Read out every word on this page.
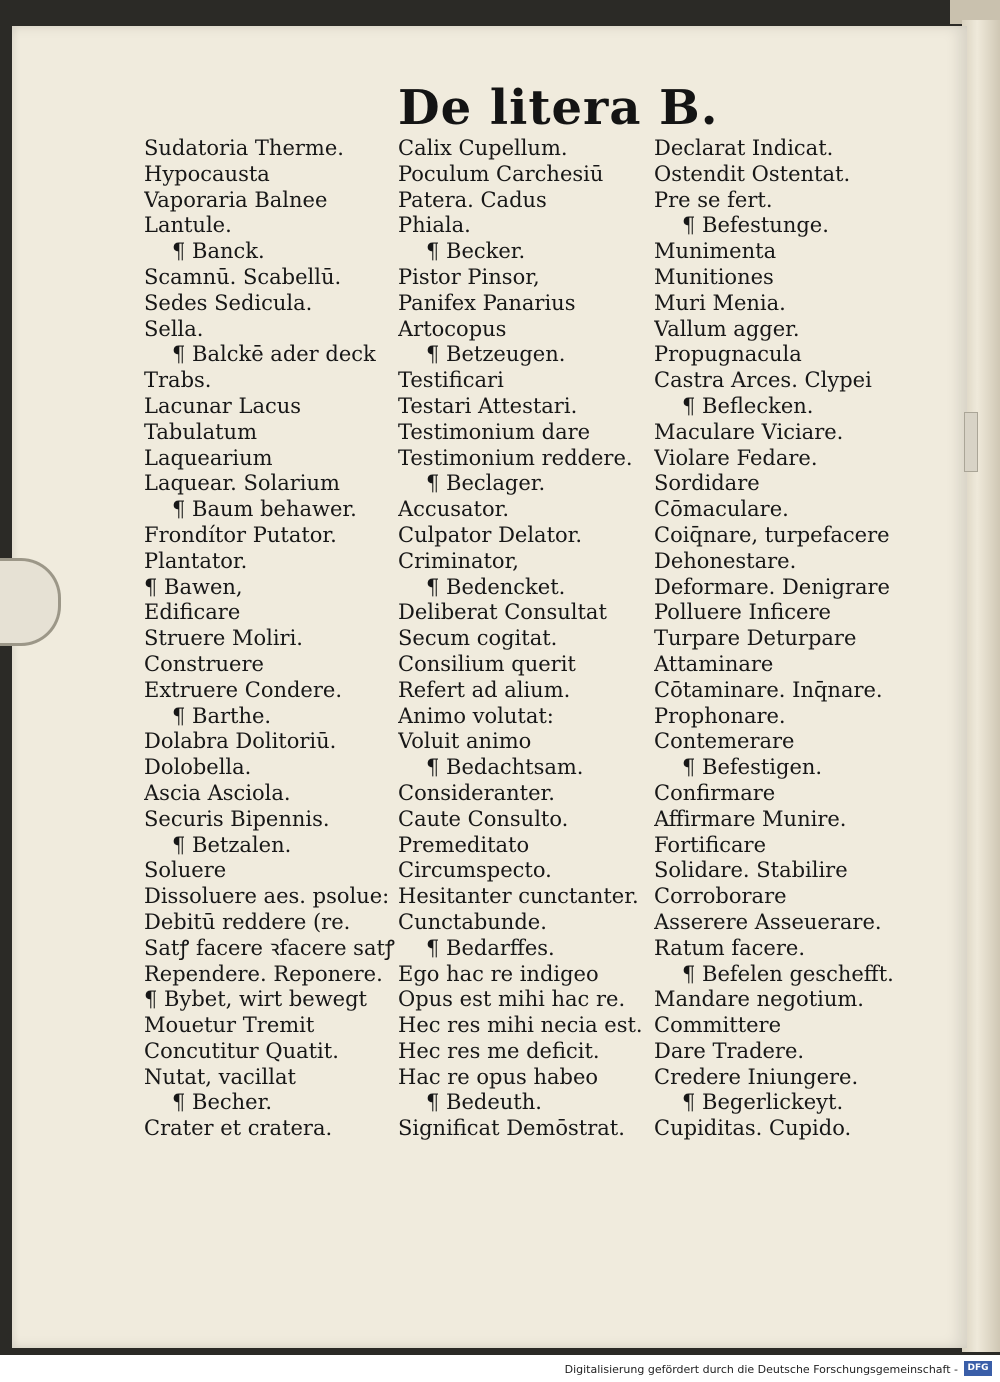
De litera B.
Sudatoria Therme.
Hypocausta
Vaporaria Balnee
Lantule.
¶ Banck.
Scamnū. Scabellū.
Sedes Sedicula.
Sella.
¶ Balckē ader deck
Trabs.
Lacunar Lacus
Tabulatum
Laquearium
Laquear. Solarium
¶ Baum behawer.
Frondítor Putator.
Plantator.
¶ Bawen,
Edificare
Struere Moliri.
Construere
Extruere Condere.
¶ Barthe.
Dolabra Dolitoriū.
Dolobella.
Ascia Asciola.
Securis Bipennis.
¶ Betzalen.
Soluere
Dissoluere aes. psolue:
Debitū reddere (re.
Satꝭ facere ꝛfacere satꝭ
Rependere. Reponere.
¶ Bybet, wirt bewegt
Mouetur Tremit
Concutitur Quatit.
Nutat, vacillat
¶ Becher.
Crater et cratera.
Calix Cupellum.
Poculum Carchesiū
Patera. Cadus
Phiala.
¶ Becker.
Pistor Pinsor,
Panifex Panarius
Artocopus
¶ Betzeugen.
Testificari
Testari Attestari.
Testimonium dare
Testimonium reddere.
¶ Beclager.
Accusator.
Culpator Delator.
Criminator,
¶ Bedencket.
Deliberat Consultat
Secum cogitat.
Consilium querit
Refert ad alium.
Animo volutat:
Voluit animo
¶ Bedachtsam.
Consideranter.
Caute Consulto.
Premeditato
Circumspecto.
Hesitanter cunctanter.
Cunctabunde.
¶ Bedarffes.
Ego hac re indigeo
Opus est mihi hac re.
Hec res mihi necia est.
Hec res me deficit.
Hac re opus habeo
¶ Bedeuth.
Significat Demōstrat.
Declarat Indicat.
Ostendit Ostentat.
Pre se fert.
¶ Befestunge.
Munimenta
Munitiones
Muri Menia.
Vallum agger.
Propugnacula
Castra Arces. Clypei
¶ Beflecken.
Maculare Viciare.
Violare Fedare.
Sordidare
Cōmaculare.
Coiq̄nare, turpefacere
Dehonestare.
Deformare. Denigrare
Polluere Inficere
Turpare Deturpare
Attaminare
Cōtaminare. Inq̄nare.
Prophonare.
Contemerare
¶ Befestigen.
Confirmare
Affirmare Munire.
Fortificare
Solidare. Stabilire
Corroborare
Asserere Asseuerare.
Ratum facere.
¶ Befelen geschefft.
Mandare negotium.
Committere
Dare Tradere.
Credere Iniungere.
¶ Begerlickeyt.
Cupiditas. Cupido.
Digitalisierung gefördert durch die Deutsche Forschungsgemeinschaft -	DFG
